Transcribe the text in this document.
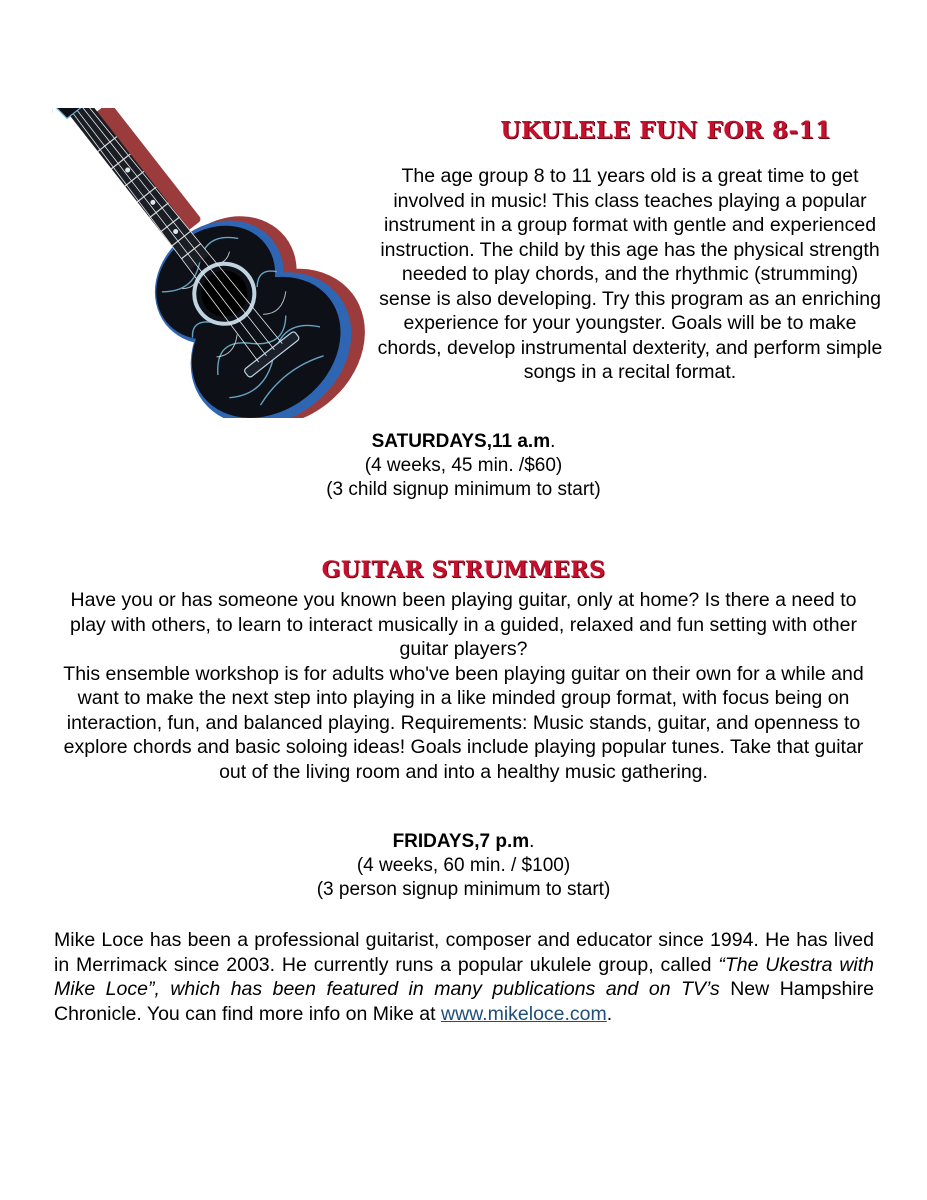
UKULELE FUN FOR 8-11
The age group 8 to 11 years old is a great time to get involved in music! This class teaches playing a popular instrument in a group format with gentle and experienced instruction. The child by this age has the physical strength needed to play chords, and the rhythmic (strumming) sense is also developing. Try this program as an enriching experience for your youngster. Goals will be to make chords, develop instrumental dexterity, and perform simple songs in a recital format.
SATURDAYS,11 a.m.
(4 weeks, 45 min. /$60)
(3 child signup minimum to start)
GUITAR STRUMMERS

Have you or has someone you known been playing guitar, only at home? Is there a need to play with others, to learn to interact musically in a guided, relaxed and fun setting with other guitar players?

This ensemble workshop is for adults who've been playing guitar on their own for a while and want to make the next step into playing in a like minded group format, with focus being on interaction, fun, and balanced playing. Requirements: Music stands, guitar, and openness to explore chords and basic soloing ideas! Goals include playing popular tunes. Take that guitar out of the living room and into a healthy music gathering.

FRIDAYS,7 p.m.
(4 weeks, 60 min. / $100)
(3 person signup minimum to start)
Mike Loce has been a professional guitarist, composer and educator since 1994. He has lived in Merrimack since 2003. He currently runs a popular ukulele group, called “The Ukestra with Mike Loce”, which has been featured in many publications and on TV’s New Hampshire Chronicle. You can find more info on Mike at www.mikeloce.com.
